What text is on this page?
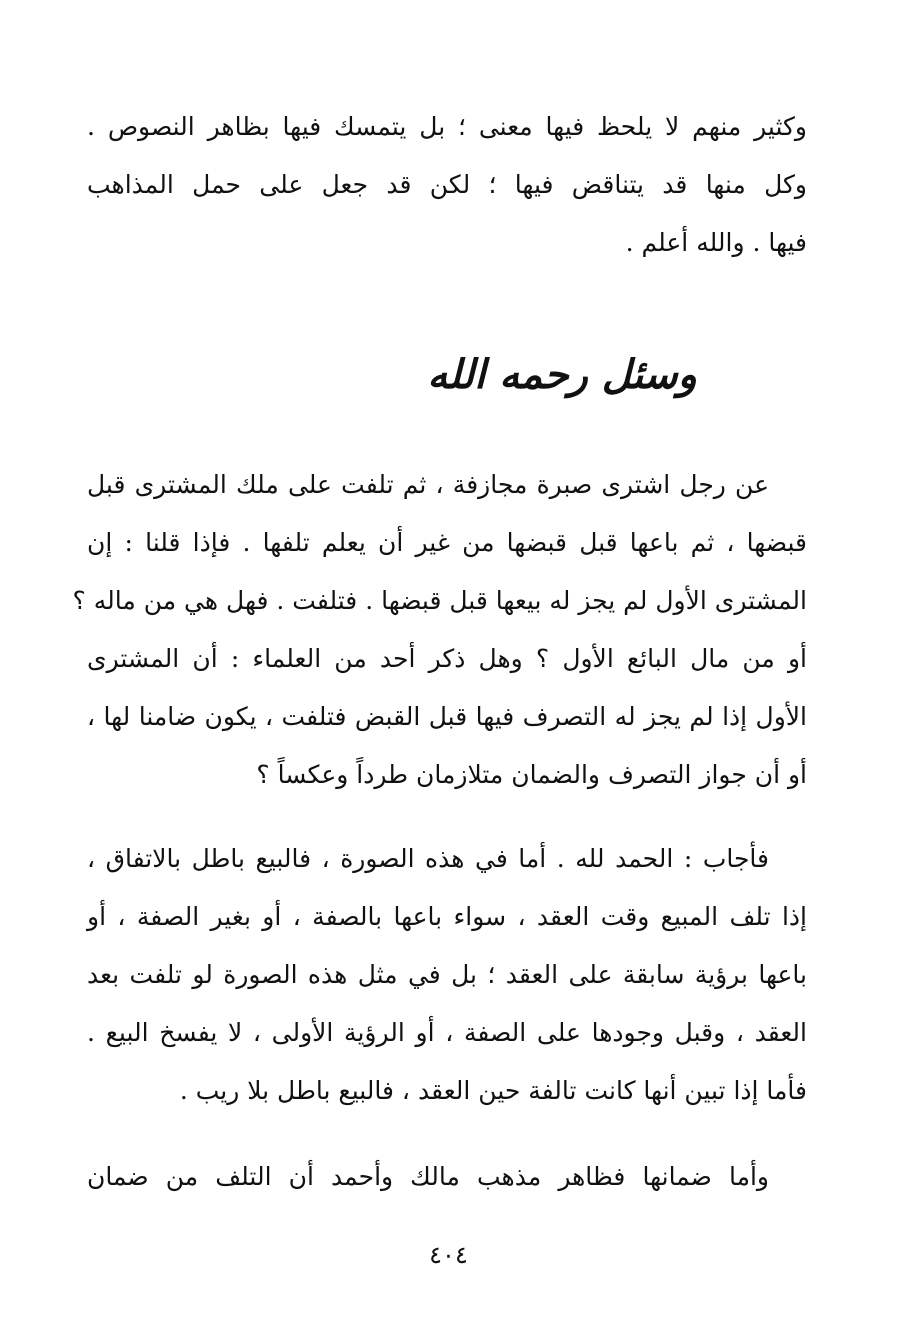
وكثير منهم لا يلحظ فيها معنى ؛ بل يتمسك فيها بظاهر النصوص .
وكل منها قد يتناقض فيها ؛ لكن قد جعل على حمل المذاهب
فيها . والله أعلم .
وسئل رحمه الله
عن رجل اشترى صبرة مجازفة ، ثم تلفت على ملك المشترى قبل
قبضها ، ثم باعها قبل قبضها من غير أن يعلم تلفها . فإذا قلنا : إن
المشترى الأول لم يجز له بيعها قبل قبضها . فتلفت . فهل هي من ماله ؟
أو من مال البائع الأول ؟ وهل ذكر أحد من العلماء : أن المشترى
الأول إذا لم يجز له التصرف فيها قبل القبض فتلفت ، يكون ضامنا لها ،
أو أن جواز التصرف والضمان متلازمان طرداً وعكساً ؟
فأجاب : الحمد لله . أما في هذه الصورة ، فالبيع باطل بالاتفاق ،
إذا تلف المبيع وقت العقد ، سواء باعها بالصفة ، أو بغير الصفة ، أو
باعها برؤية سابقة على العقد ؛ بل في مثل هذه الصورة لو تلفت بعد
العقد ، وقبل وجودها على الصفة ، أو الرؤية الأولى ، لا يفسخ البيع .
فأما إذا تبين أنها كانت تالفة حين العقد ، فالبيع باطل بلا ريب .
وأما ضمانها فظاهر مذهب مالك وأحمد أن التلف من ضمان
٤٠٤
